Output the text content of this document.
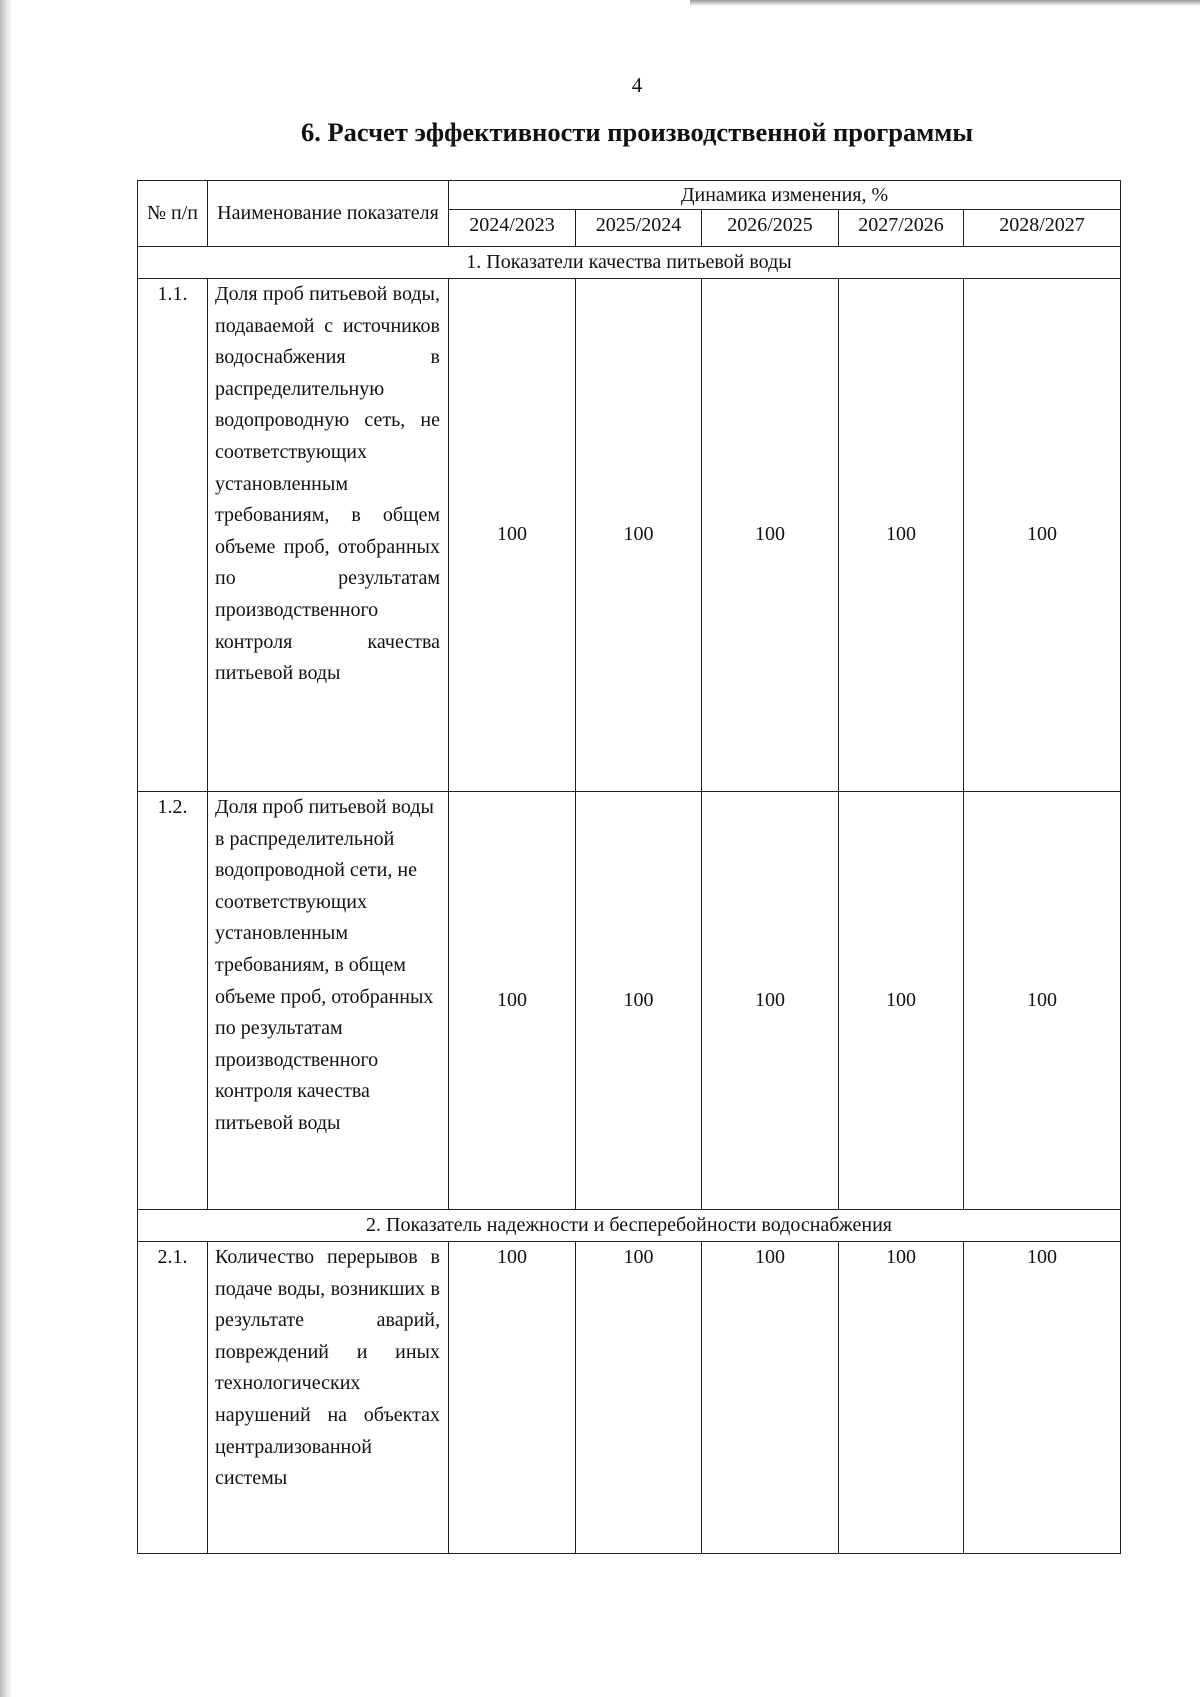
4
6. Расчет эффективности производственной программы
№ п/п	Наименование показателя	Динамика изменения, %				
		2024/2023	2025/2024	2026/2025	2027/2026	2028/2027
1. Показатели качества питьевой воды						
1.1.	Доля проб питьевой воды, подаваемой с источников водоснабжения в распределительную водопроводную сеть, не соответствующих установленным требованиям, в общем объеме проб, отобранных по результатам производственного контроля качества питьевой воды	100	100	100	100	100
1.2.	Доля проб питьевой воды в распределительной водопроводной сети, не соответствующих установленным требованиям, в общем объеме проб, отобранных по результатам производственного контроля качества питьевой воды	100	100	100	100	100
2. Показатель надежности и бесперебойности водоснабжения						
2.1.	Количество перерывов в подаче воды, возникших в результате аварий, повреждений и иных технологических нарушений на объектах централизованной системы	100	100	100	100	100
